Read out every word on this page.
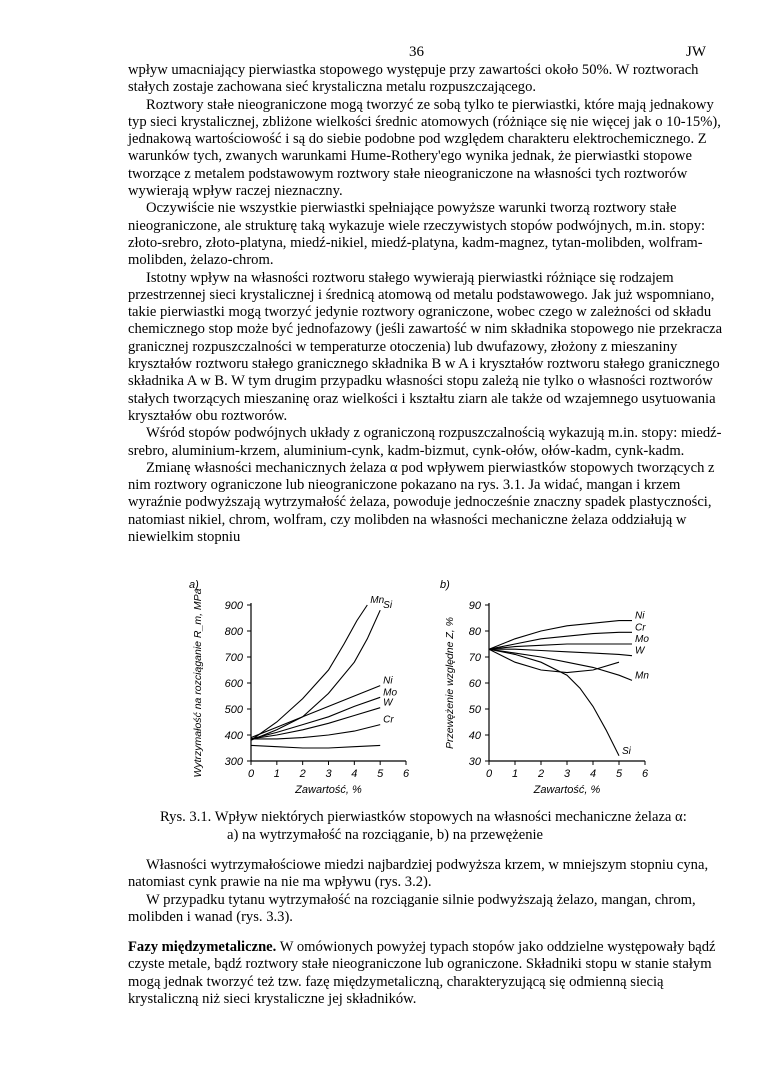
36	JW

wpływ umacniający pierwiastka stopowego występuje przy zawartości około 50%. W roztworach stałych zostaje zachowana sieć krystaliczna metalu rozpuszczającego.

Roztwory stałe nieograniczone mogą tworzyć ze sobą tylko te pierwiastki, które mają jednakowy typ sieci krystalicznej, zbliżone wielkości średnic atomowych (różniące się nie więcej jak o 10-15%), jednakową wartościowość i są do siebie podobne pod względem charakteru elektrochemicznego. Z warunków tych, zwanych warunkami Hume-Rothery'ego wynika jednak, że pierwiastki stopowe tworzące z metalem podstawowym roztwory stałe nieograniczone na własności tych roztworów wywierają wpływ raczej nieznaczny.

Oczywiście nie wszystkie pierwiastki spełniające powyższe warunki tworzą roztwory stałe nieograniczone, ale strukturę taką wykazuje wiele rzeczywistych stopów podwójnych, m.in. stopy: złoto-srebro, złoto-platyna, miedź-nikiel, miedź-platyna, kadm-magnez, tytan-molibden, wolfram-molibden, żelazo-chrom.

Istotny wpływ na własności roztworu stałego wywierają pierwiastki różniące się rodzajem przestrzennej sieci krystalicznej i średnicą atomową od metalu podstawowego. Jak już wspomniano, takie pierwiastki mogą tworzyć jedynie roztwory ograniczone, wobec czego w zależności od składu chemicznego stop może być jednofazowy (jeśli zawartość w nim składnika stopowego nie przekracza granicznej rozpuszczalności w temperaturze otoczenia) lub dwufazowy, złożony z mieszaniny kryształów roztworu stałego granicznego składnika B w A i kryształów roztworu stałego granicznego składnika A w B. W tym drugim przypadku własności stopu zależą nie tylko o własności roztworów stałych tworzących mieszaninę oraz wielkości i kształtu ziarn ale także od wzajemnego usytuowania kryształów obu roztworów.

Wśród stopów podwójnych układy z ograniczoną rozpuszczalnością wykazują m.in. stopy: miedź-srebro, aluminium-krzem, aluminium-cynk, kadm-bizmut, cynk-ołów, ołów-kadm, cynk-kadm.

Zmianę własności mechanicznych żelaza α pod wpływem pierwiastków stopowych tworzących z nim roztwory ograniczone lub nieograniczone pokazano na rys. 3.1. Ja widać, mangan i krzem wyraźnie podwyższają wytrzymałość żelaza, powoduje jednocześnie znaczny spadek plastyczności, natomiast nikiel, chrom, wolfram, czy molibden na własności mechaniczne żelaza oddziałują w niewielkim stopniu

300
400
500
600
700
800
900
0 1 2 3 4 5 6
Zawartość, %
Wytrzymałość na rozciąganie R_m, MPa
a)
Mn Si
Ni
Mo
W
Cr
30
40
50
60
70
80
90
0 1 2 3 4 5 6
Zawartość, %
Przewężenie względne Z, %
b)
Ni
Cr
Mo
W
Mn
Si
Rys. 3.1. Wpływ niektórych pierwiastków stopowych na własności mechaniczne żelaza α:
a) na wytrzymałość na rozciąganie, b) na przewężenie

Własności wytrzymałościowe miedzi najbardziej podwyższa krzem, w mniejszym stopniu cyna, natomiast cynk prawie na nie ma wpływu (rys. 3.2).

W przypadku tytanu wytrzymałość na rozciąganie silnie podwyższają żelazo, mangan, chrom, molibden i wanad (rys. 3.3).

Fazy międzymetaliczne. W omówionych powyżej typach stopów jako oddzielne występowały bądź czyste metale, bądź roztwory stałe nieograniczone lub ograniczone. Składniki stopu w stanie stałym mogą jednak tworzyć też tzw. fazę międzymetaliczną, charakteryzującą się odmienną siecią krystaliczną niż sieci krystaliczne jej składników.
